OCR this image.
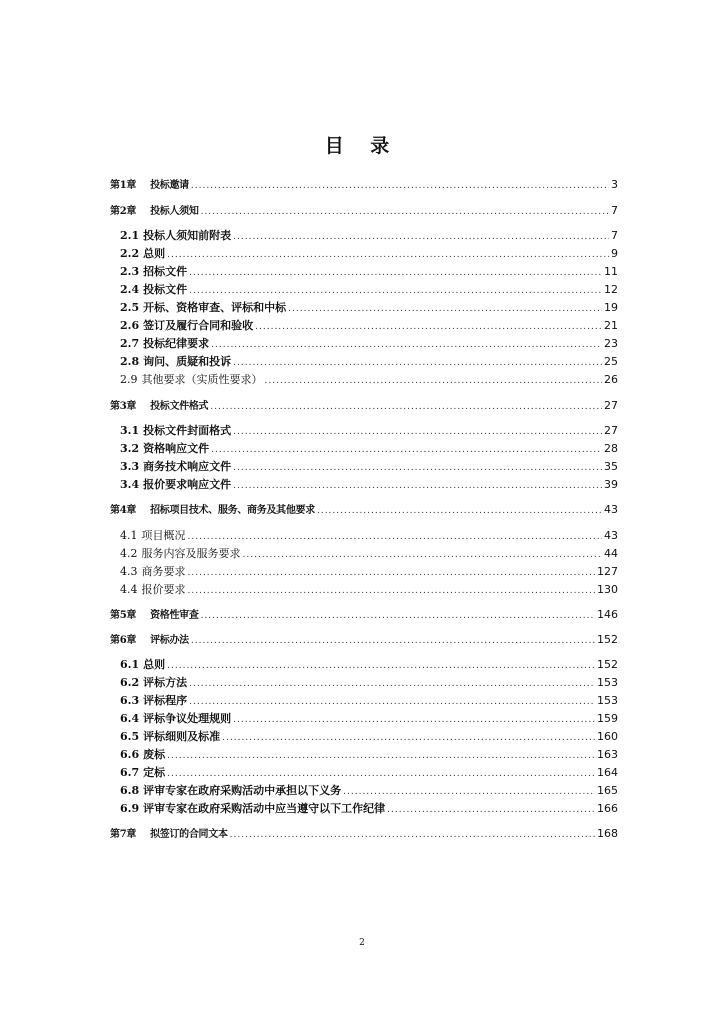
目 录
第1章 投标邀请 .....	3
第2章 投标人须知 .....	7
2.1 投标人须知前附表 .....	7
2.2 总则 .....	9
2.3 招标文件 .....	11
2.4 投标文件 .....	12
2.5 开标、资格审查、评标和中标 .....	19
2.6 签订及履行合同和验收 .....	21
2.7 投标纪律要求 .....	23
2.8 询问、质疑和投诉 .....	25
2.9 其他要求（实质性要求） .....	26
第3章 投标文件格式 .....	27
3.1 投标文件封面格式 .....	27
3.2 资格响应文件 .....	28
3.3 商务技术响应文件 .....	35
3.4 报价要求响应文件 .....	39
第4章 招标项目技术、服务、商务及其他要求 .....	43
4.1 项目概况 .....	43
4.2 服务内容及服务要求 .....	44
4.3 商务要求 .....	127
4.4 报价要求 .....	130
第5章 资格性审查 .....	146
第6章 评标办法 .....	152
6.1 总则 .....	152
6.2 评标方法 .....	153
6.3 评标程序 .....	153
6.4 评标争议处理规则 .....	159
6.5 评标细则及标准 .....	160
6.6 废标 .....	163
6.7 定标 .....	164
6.8 评审专家在政府采购活动中承担以下义务 .....	165
6.9 评审专家在政府采购活动中应当遵守以下工作纪律 .....	166
第7章 拟签订的合同文本 .....	168
2
